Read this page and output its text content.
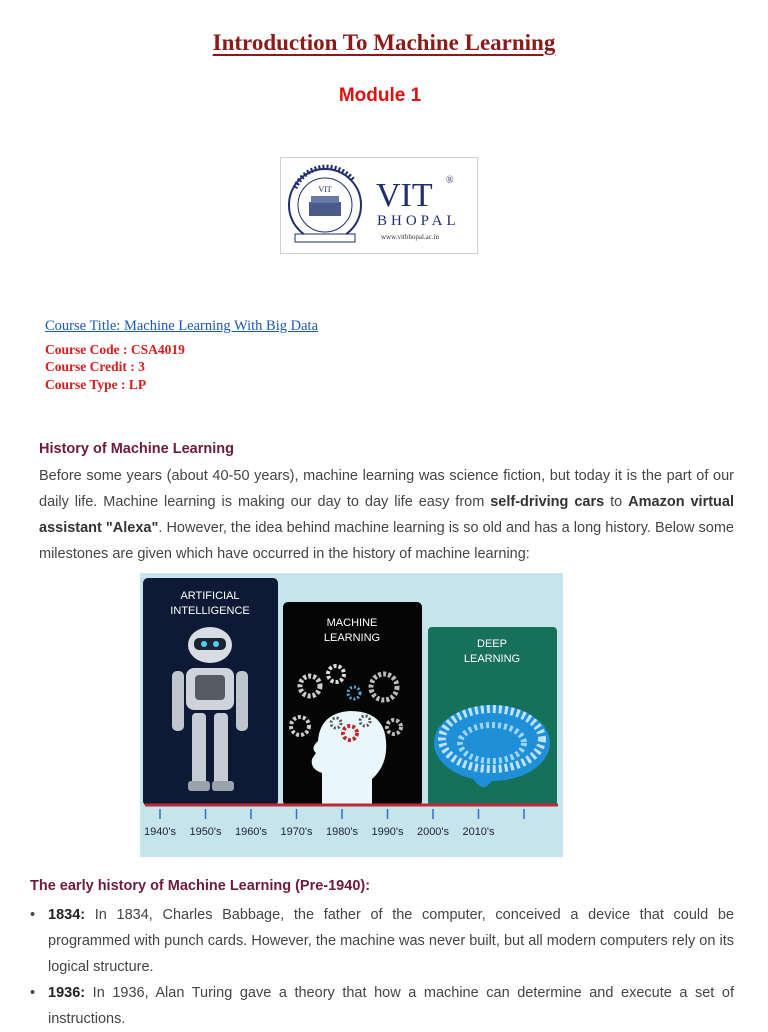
Introduction To Machine Learning
Module 1
VIT VIT ®
BHOPAL
www.vitbhopal.ac.in
Course Title: Machine Learning With Big Data
Course Code : CSA4019
Course Credit : 3
Course Type : LP
History of Machine Learning
Before some years (about 40-50 years), machine learning was science fiction, but today it is the part of our daily life. Machine learning is making our day to day life easy from self-driving cars to Amazon virtual assistant "Alexa". However, the idea behind machine learning is so old and has a long history. Below some milestones are given which have occurred in the history of machine learning:
ARTIFICIAL
INTELLIGENCE
MACHINE
LEARNING	DEEP
LEARNING
1940's 1950's 1960's 1970's 1980's 1990's 2000's 2010's
The early history of Machine Learning (Pre-1940):
• 1834: In 1834, Charles Babbage, the father of the computer, conceived a device that could be programmed with punch cards. However, the machine was never built, but all modern computers rely on its logical structure.
• 1936: In 1936, Alan Turing gave a theory that how a machine can determine and execute a set of instructions.
